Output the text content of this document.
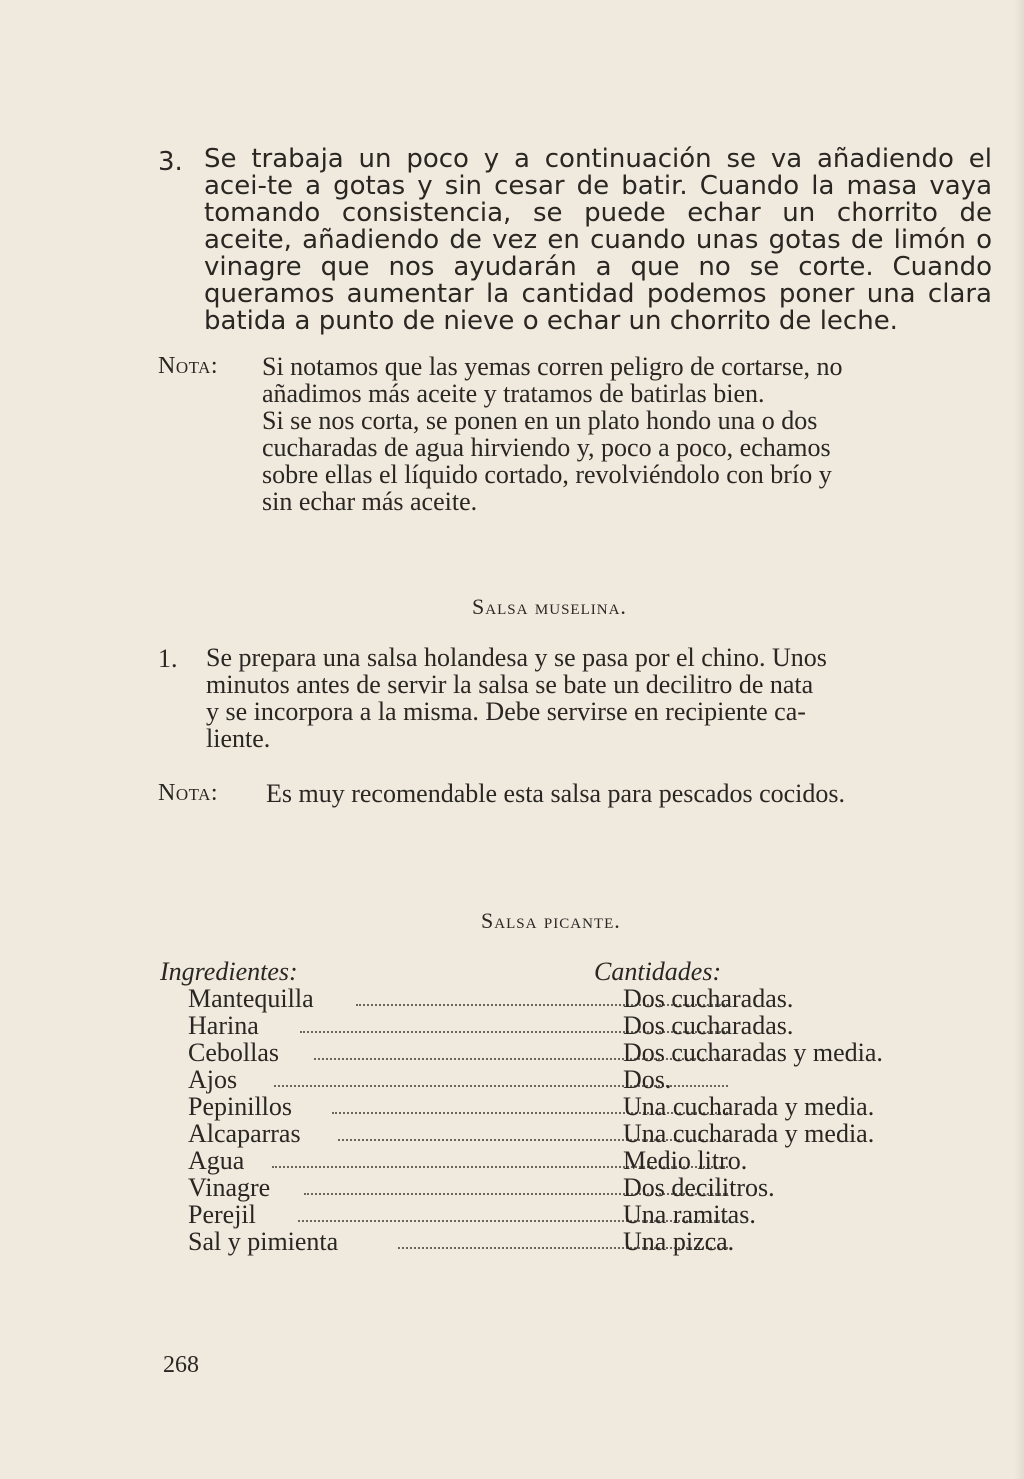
3. Se trabaja un poco y a continuación se va añadiendo el acei-te a gotas y sin cesar de batir. Cuando la masa vaya tomando consistencia, se puede echar un chorrito de aceite, añadiendo de vez en cuando unas gotas de limón o vinagre que nos ayudarán a que no se corte. Cuando queramos aumentar la cantidad podemos poner una clara batida a punto de nieve o echar un chorrito de leche.
Nota: Si notamos que las yemas corren peligro de cortarse, no
añadimos más aceite y tratamos de batirlas bien.
Si se nos corta, se ponen en un plato hondo una o dos
cucharadas de agua hirviendo y, poco a poco, echamos
sobre ellas el líquido cortado, revolviéndolo con brío y
sin echar más aceite.
Salsa muselina.
1. Se prepara una salsa holandesa y se pasa por el chino. Unos
minutos antes de servir la salsa se bate un decilitro de nata
y se incorpora a la misma. Debe servirse en recipiente ca-
liente.
Nota: Es muy recomendable esta salsa para pescados cocidos.
Salsa picante.
Ingredientes:	Cantidades:
Mantequilla	Dos cucharadas.
Harina	Dos cucharadas.
Cebollas	Dos cucharadas y media.
Ajos	Dos.
Pepinillos	Una cucharada y media.
Alcaparras	Una cucharada y media.
Agua	Medio litro.
Vinagre	Dos decilitros.
Perejil	Una ramitas.
Sal y pimienta	Una pizca.
268
